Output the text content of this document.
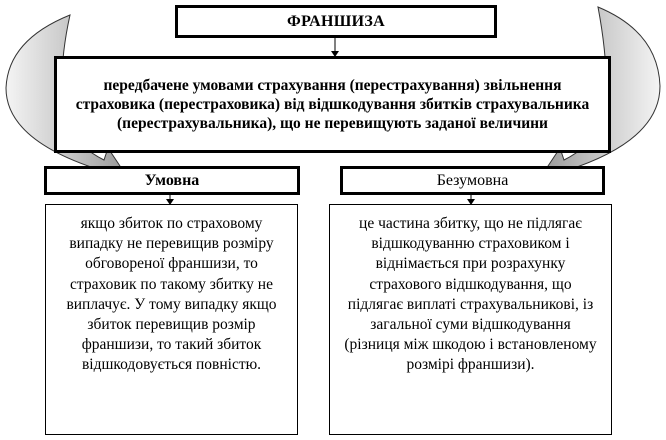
ФРАНШИЗА
передбачене умовами страхування (перестрахування) звільнення страховика (перестраховика) від відшкодування збитків страхувальника (перестрахувальника), що не перевищують заданої величини
Умовна	Безумовна
якщо збиток по страховому випадку не перевищив розміру обговореної франшизи, то страховик по такому збитку не виплачує. У тому випадку якщо збиток перевищив розмір франшизи, то такий збиток відшкодовується повністю.
це частина збитку, що не підлягає відшкодуванню страховиком і віднімається при розрахунку страхового відшкодування, що підлягає виплаті страхувальникові, із загальної суми відшкодування (різниця між шкодою і встановленому розмірі франшизи).
